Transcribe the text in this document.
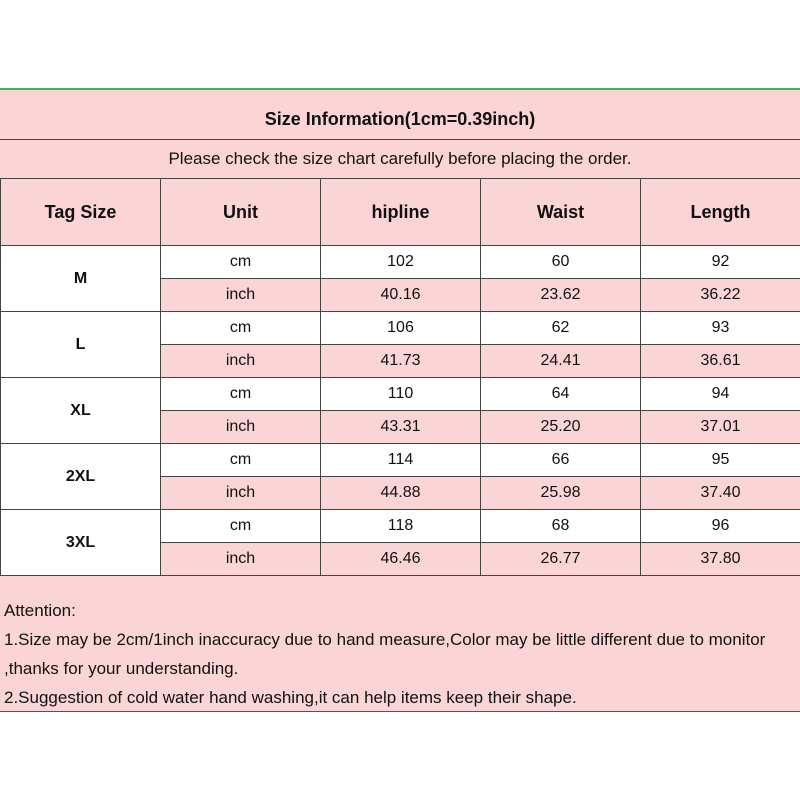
Size Information(1cm=0.39inch)
Please check the size chart carefully before placing the order.
Tag Size	Unit	hipline	Waist	Length
M	cm	102	60	92
	inch	40.16	23.62	36.22
L	cm	106	62	93
	inch	41.73	24.41	36.61
XL	cm	110	64	94
	inch	43.31	25.20	37.01
2XL	cm	114	66	95
	inch	44.88	25.98	37.40
3XL	cm	118	68	96
	inch	46.46	26.77	37.80
Attention:
1.Size may be 2cm/1inch inaccuracy due to hand measure,Color may be little different due to monitor
,thanks for your understanding.
2.Suggestion of cold water hand washing,it can help items keep their shape.
